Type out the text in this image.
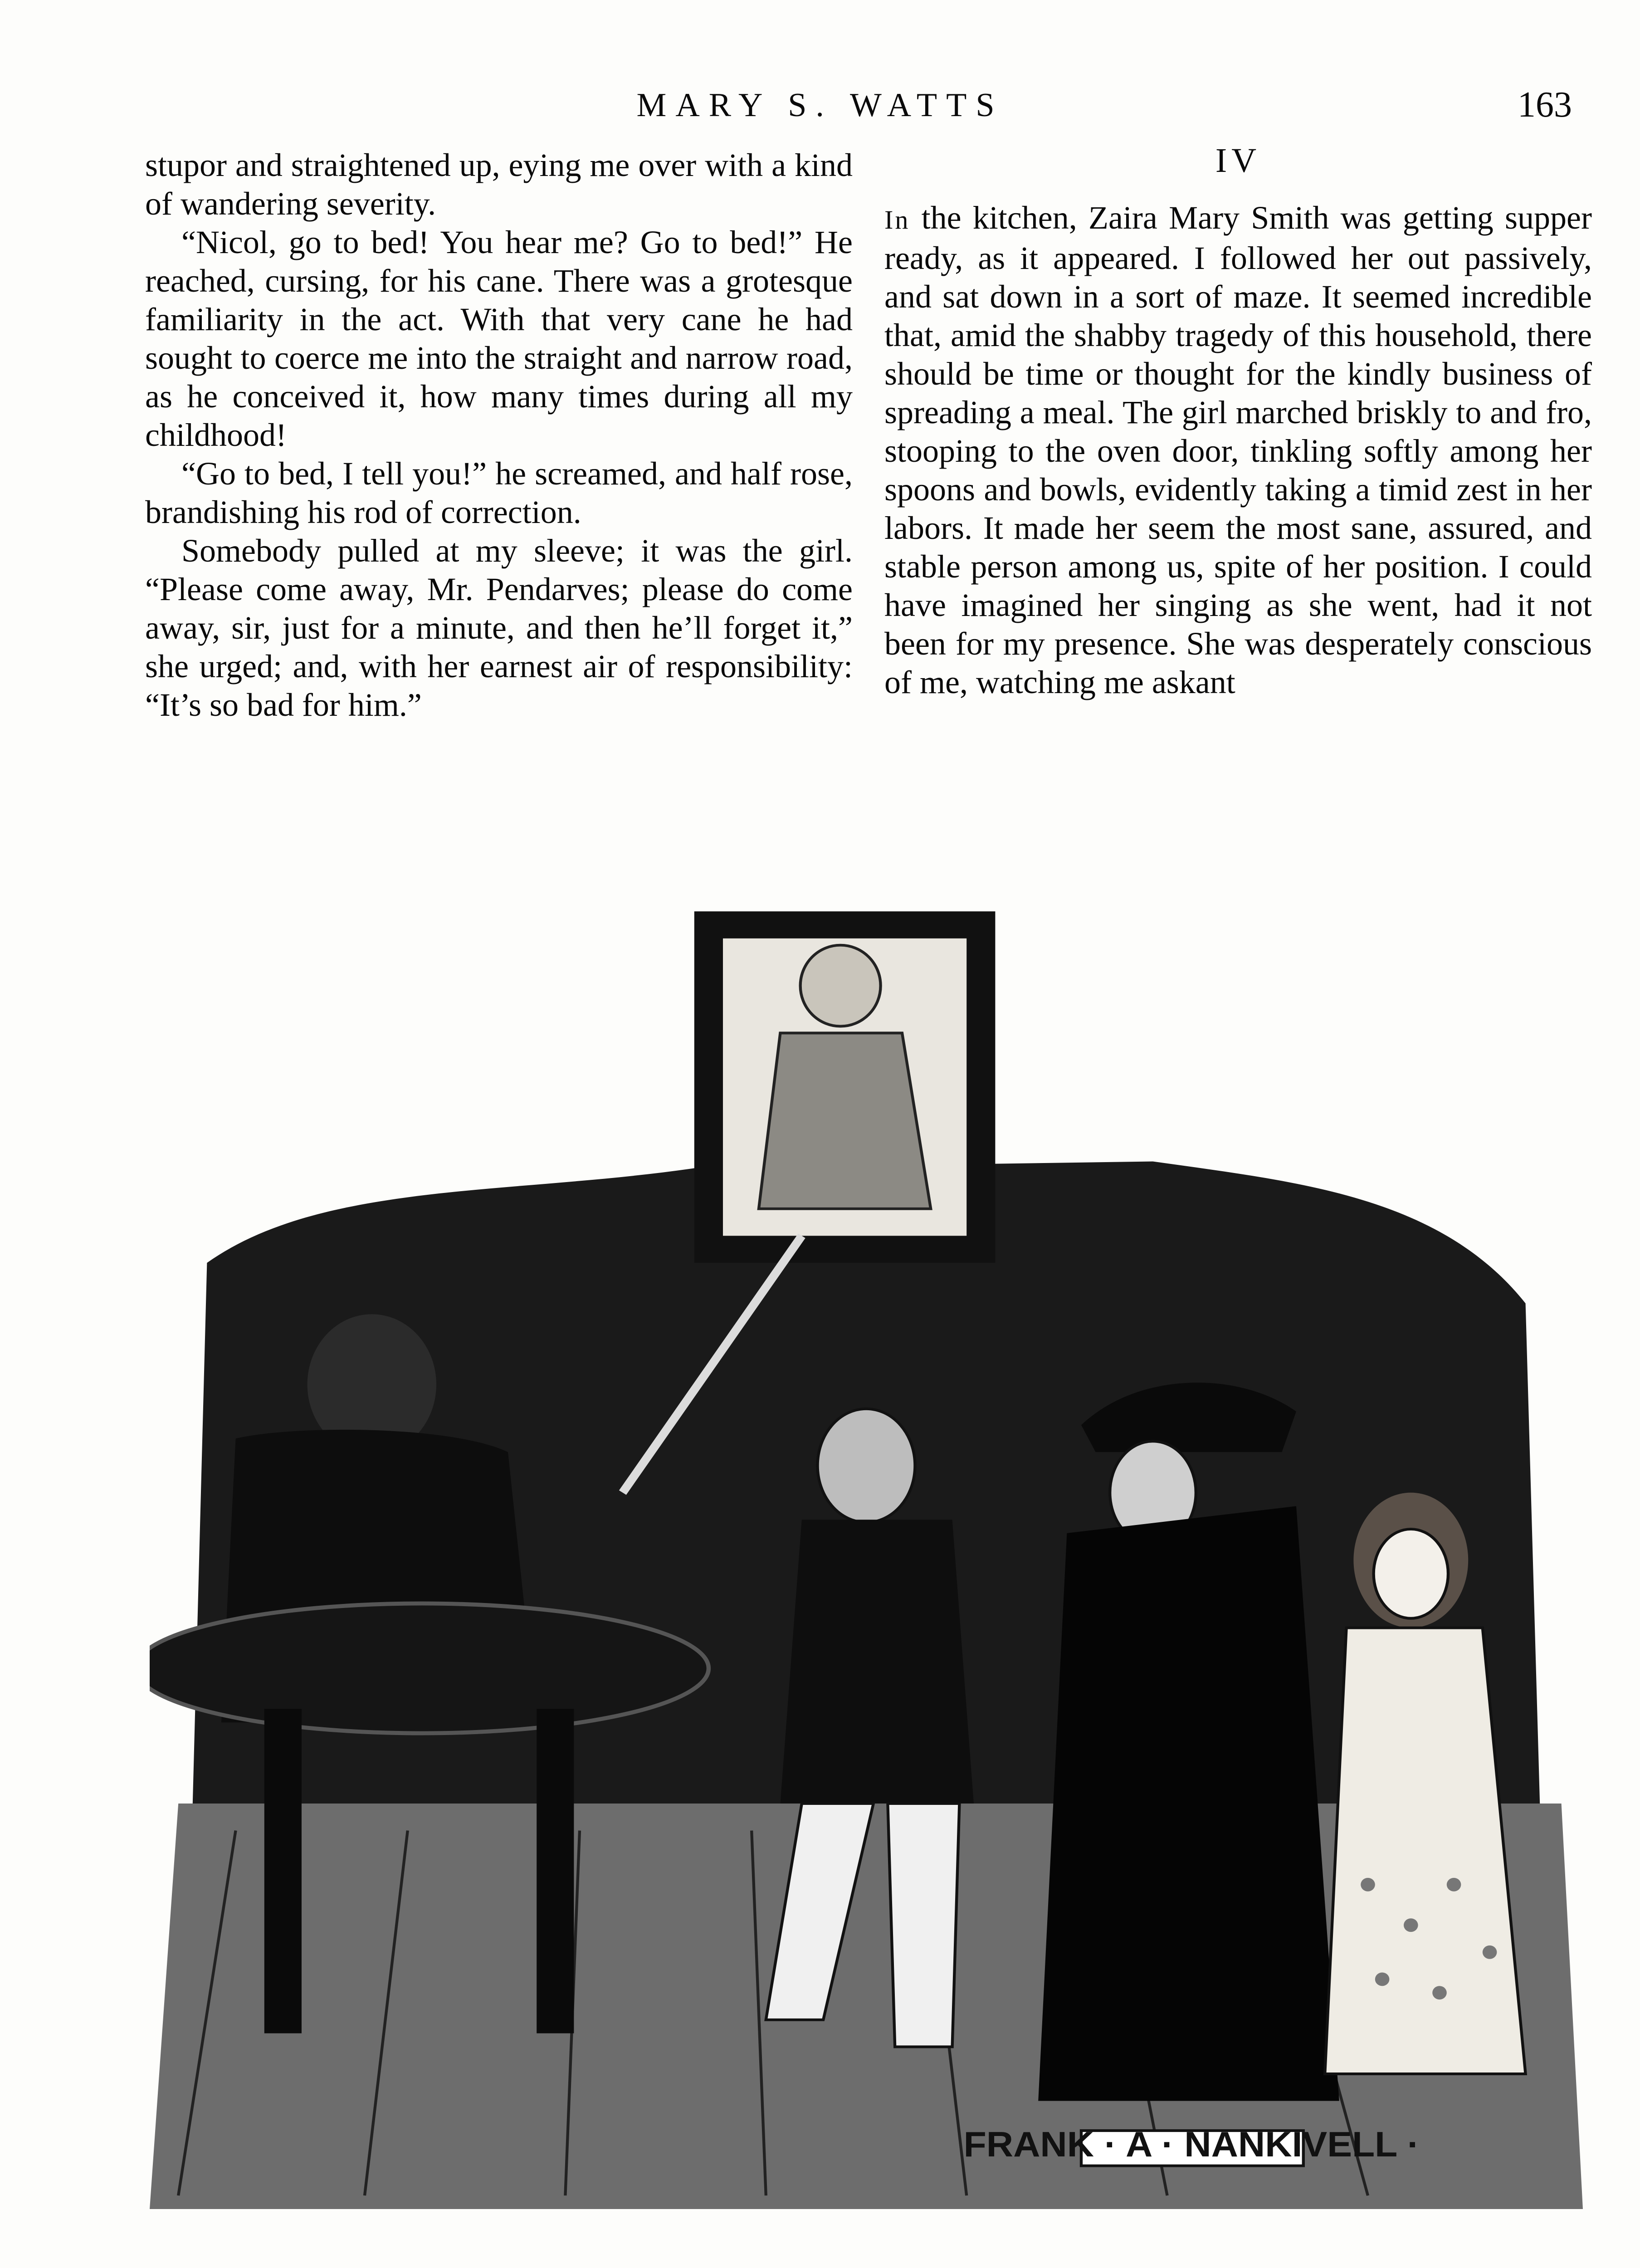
MARY S. WATTS	163

stupor and straightened up, eying me over with a kind of wandering severity.

“Nicol, go to bed! You hear me? Go to bed!” He reached, cursing, for his cane. There was a grotesque familiarity in the act. With that very cane he had sought to coerce me into the straight and narrow road, as he conceived it, how many times during all my childhood!

“Go to bed, I tell you!” he screamed, and half rose, brandishing his rod of correction.

Somebody pulled at my sleeve; it was the girl. “Please come away, Mr. Pendarves; please do come away, sir, just for a minute, and then he’ll forget it,” she urged; and, with her earnest air of responsibility: “It’s so bad for him.”

IV

In the kitchen, Zaira Mary Smith was getting supper ready, as it appeared. I followed her out passively, and sat down in a sort of maze. It seemed incredible that, amid the shabby tragedy of this household, there should be time or thought for the kindly business of spreading a meal. The girl marched briskly to and fro, stooping to the oven door, tinkling softly among her spoons and bowls, evidently taking a timid zest in her labors. It made her seem the most sane, assured, and stable person among us, spite of her position. I could have imagined her singing as she went, had it not been for my presence. She was desperately conscious of me, watching me askant

FRANK · A · NANKIVELL ·
